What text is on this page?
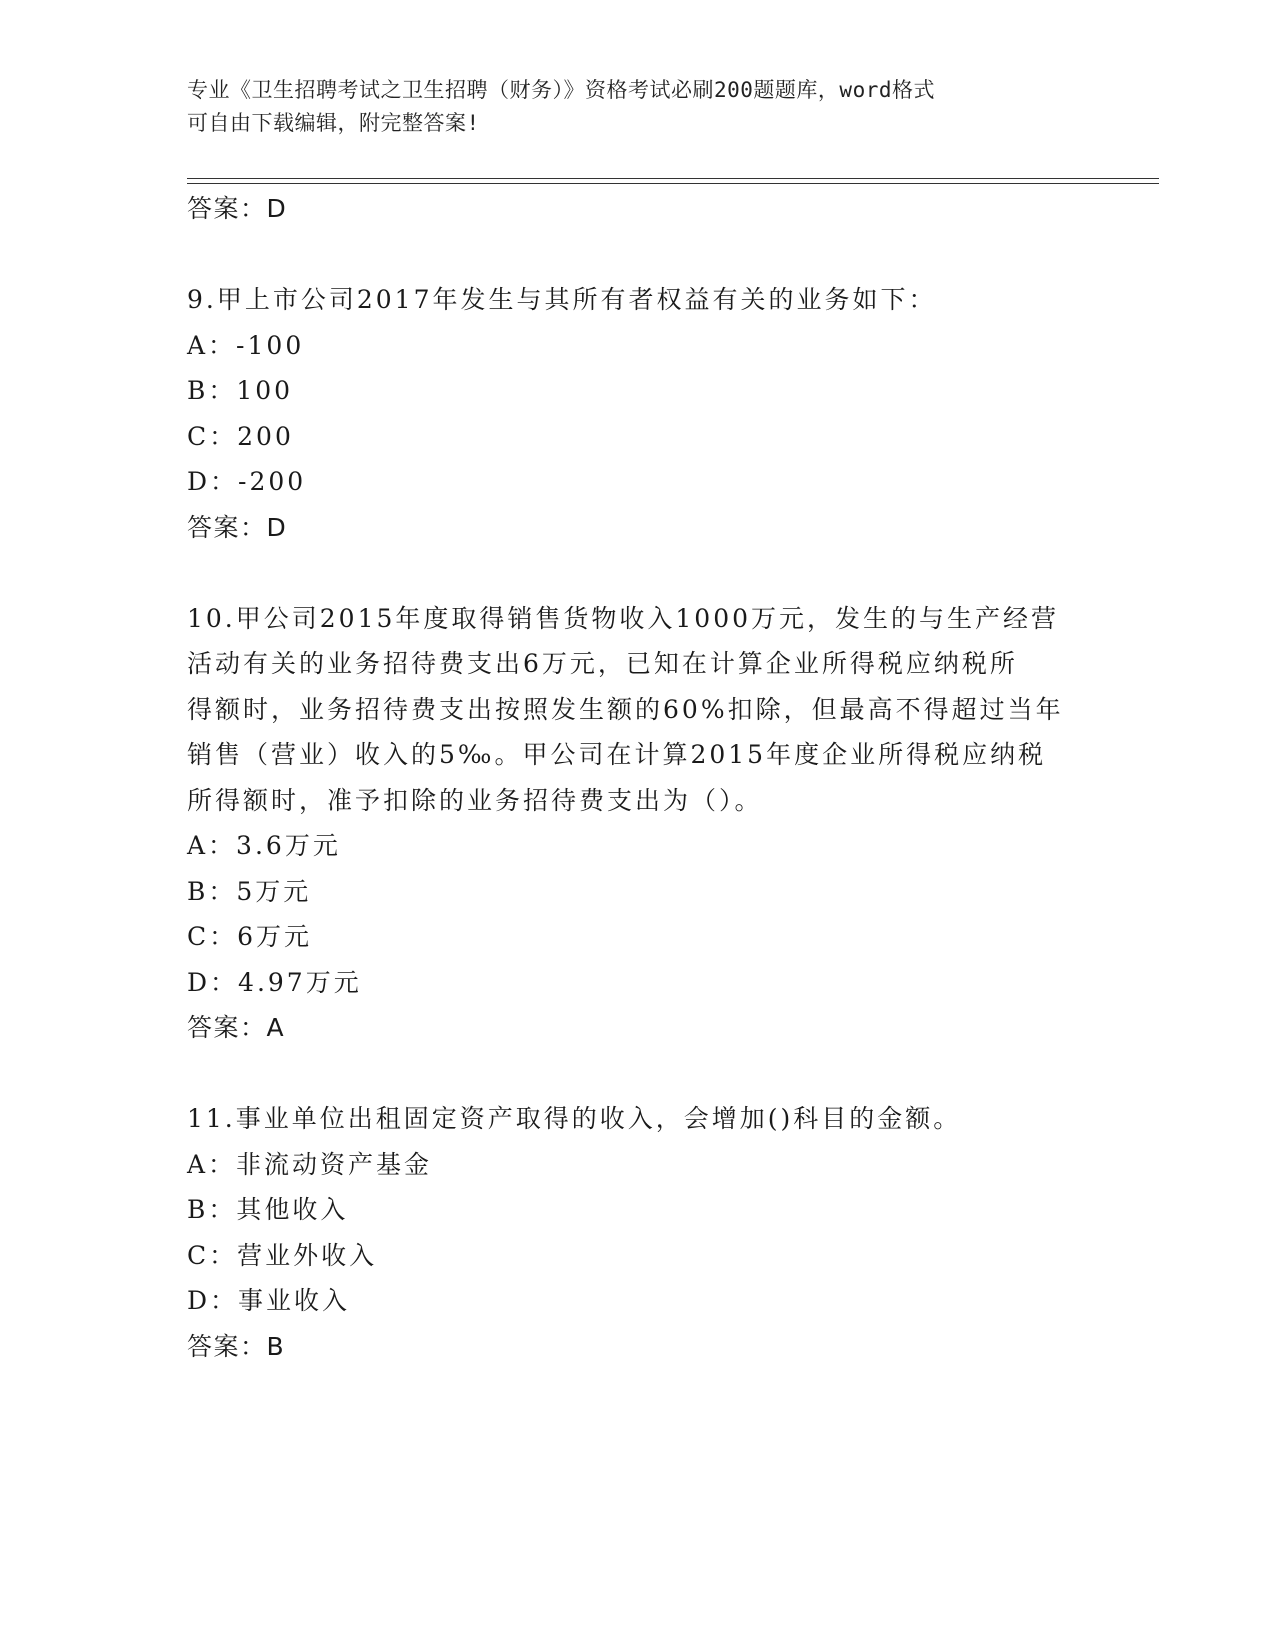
专业《卫生招聘考试之卫生招聘（财务）》资格考试必刷200题题库，word格式
可自由下载编辑，附完整答案!
答案：D
9.甲上市公司2017年发生与其所有者权益有关的业务如下：
A：-100
B：100
C：200
D：-200
答案：D
10.甲公司2015年度取得销售货物收入1000万元，发生的与生产经营
活动有关的业务招待费支出6万元，已知在计算企业所得税应纳税所
得额时，业务招待费支出按照发生额的60%扣除，但最高不得超过当年
销售（营业）收入的5‰。甲公司在计算2015年度企业所得税应纳税
所得额时，准予扣除的业务招待费支出为（）。
A：3.6万元
B：5万元
C：6万元
D：4.97万元
答案：A
11.事业单位出租固定资产取得的收入，会增加()科目的金额。
A：非流动资产基金
B：其他收入
C：营业外收入
D：事业收入
答案：B
